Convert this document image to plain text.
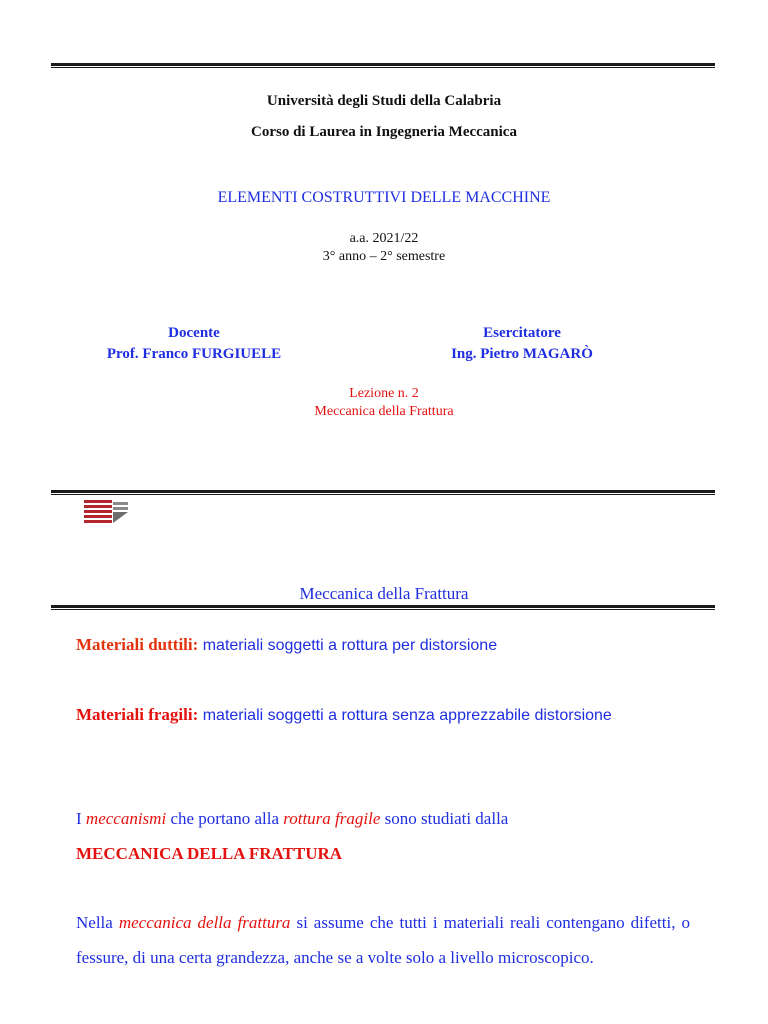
Università degli Studi della Calabria
Corso di Laurea in Ingegneria Meccanica
ELEMENTI COSTRUTTIVI DELLE MACCHINE
a.a. 2021/22
3° anno – 2° semestre
Docente
Prof. Franco FURGIUELE
Esercitatore
Ing. Pietro MAGARÒ
Lezione n. 2
Meccanica della Frattura
Meccanica della Frattura
Materiali duttili: materiali soggetti a rottura per distorsione
Materiali fragili: materiali soggetti a rottura senza apprezzabile distorsione
I meccanismi che portano alla rottura fragile sono studiati dalla
MECCANICA DELLA FRATTURA
Nella meccanica della frattura si assume che tutti i materiali reali contengano difetti, o fessure, di una certa grandezza, anche se a volte solo a livello microscopico.
